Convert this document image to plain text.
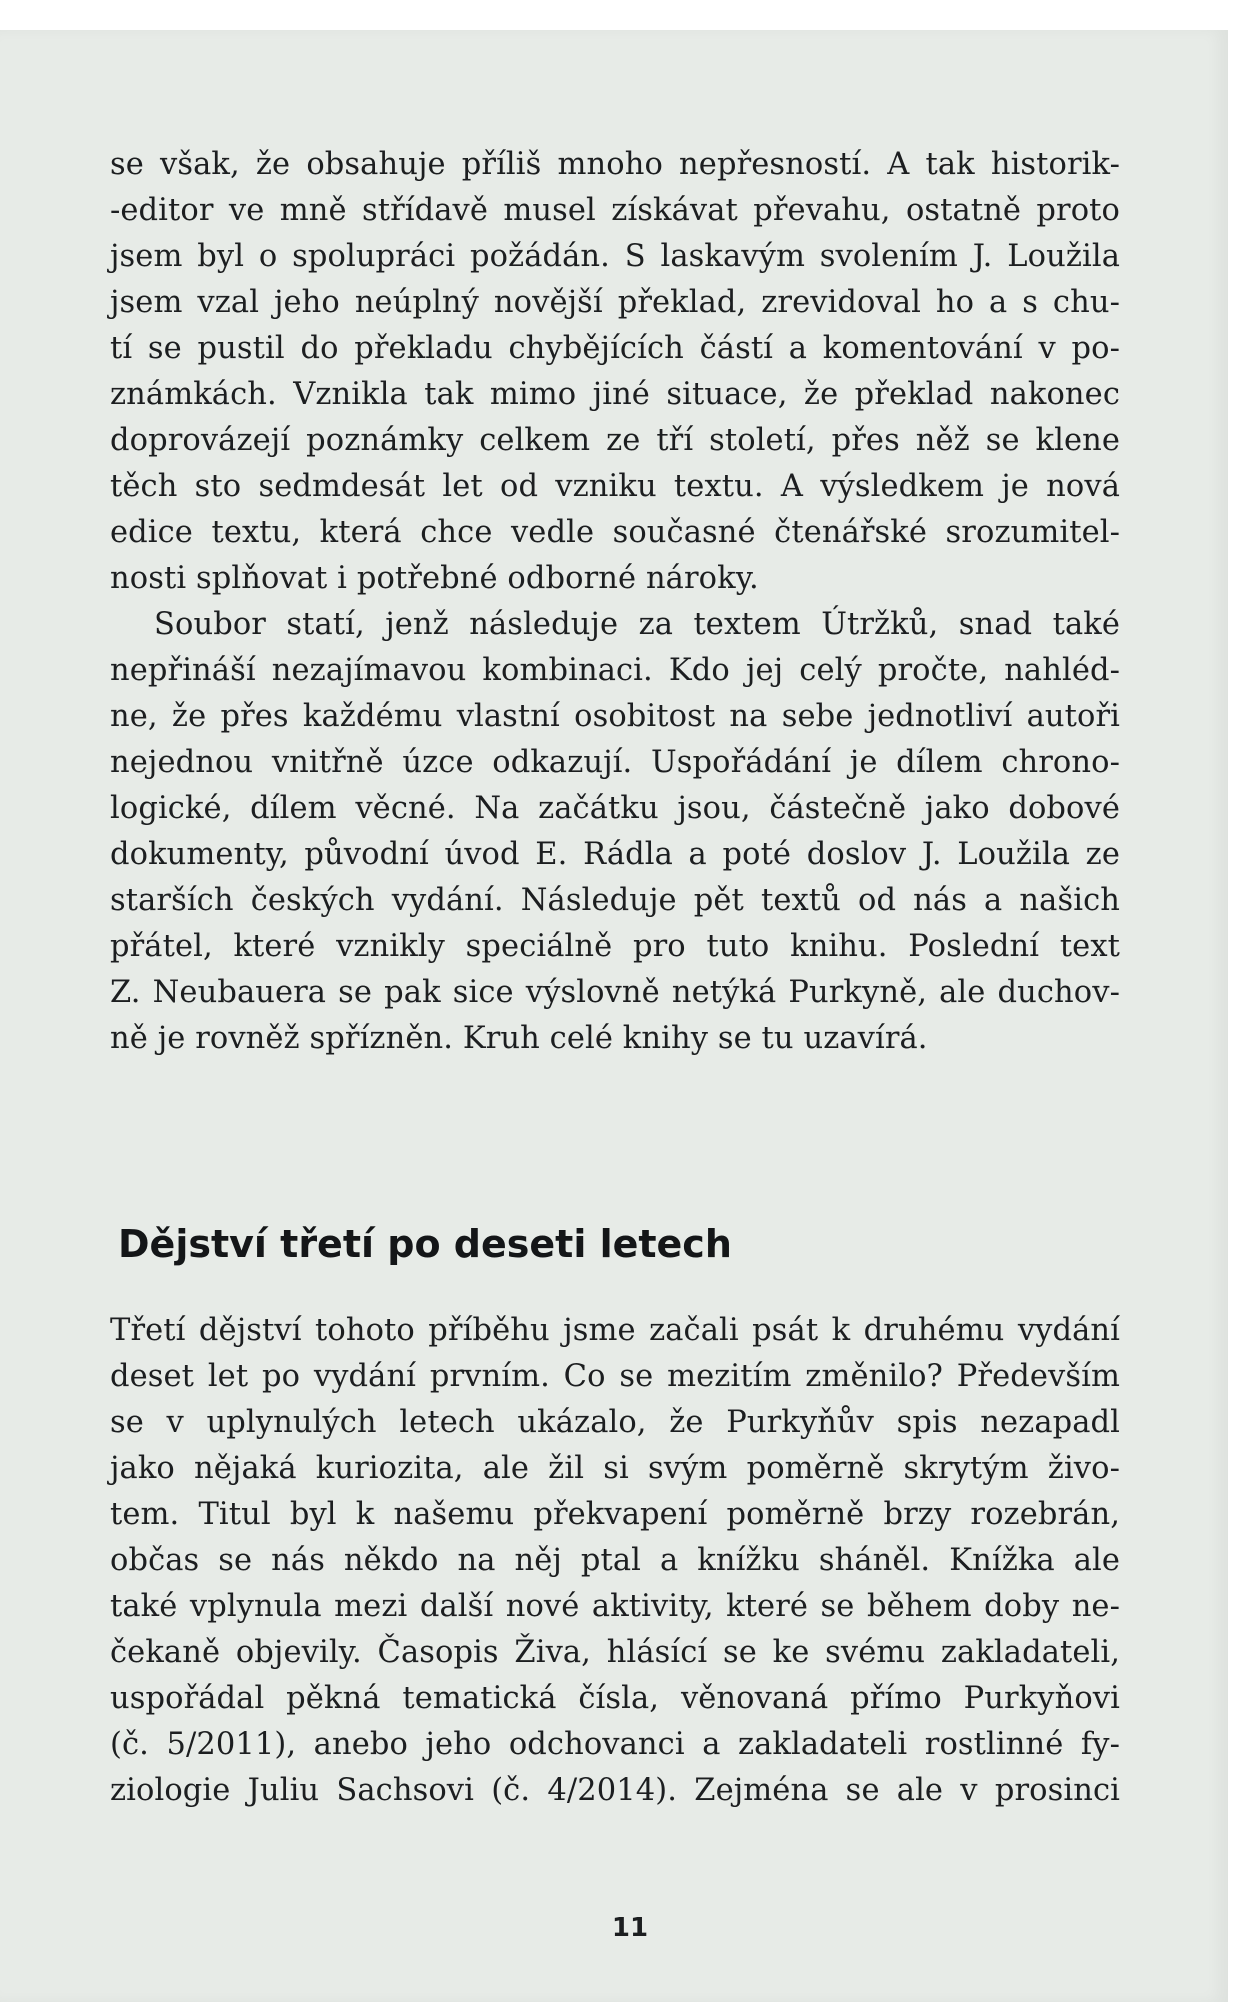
se však, že obsahuje příliš mnoho nepřesností. A tak historik-
-editor ve mně střídavě musel získávat převahu, ostatně proto
jsem byl o spolupráci požádán. S laskavým svolením J. Loužila
jsem vzal jeho neúplný novější překlad, zrevidoval ho a s chu-
tí se pustil do překladu chybějících částí a komentování v po-
známkách. Vznikla tak mimo jiné situace, že překlad nakonec
doprovázejí poznámky celkem ze tří století, přes něž se klene
těch sto sedmdesát let od vzniku textu. A výsledkem je nová
edice textu, která chce vedle současné čtenářské srozumitel-
nosti splňovat i potřebné odborné nároky.
Soubor statí, jenž následuje za textem Útržků, snad také
nepřináší nezajímavou kombinaci. Kdo jej celý pročte, nahléd-
ne, že přes každému vlastní osobitost na sebe jednotliví autoři
nejednou vnitřně úzce odkazují. Uspořádání je dílem chrono-
logické, dílem věcné. Na začátku jsou, částečně jako dobové
dokumenty, původní úvod E. Rádla a poté doslov J. Loužila ze
starších českých vydání. Následuje pět textů od nás a našich
přátel, které vznikly speciálně pro tuto knihu. Poslední text
Z. Neubauera se pak sice výslovně netýká Purkyně, ale duchov-
ně je rovněž spřízněn. Kruh celé knihy se tu uzavírá.
Dějství třetí po deseti letech
Třetí dějství tohoto příběhu jsme začali psát k druhému vydání
deset let po vydání prvním. Co se mezitím změnilo? Především
se v uplynulých letech ukázalo, že Purkyňův spis nezapadl
jako nějaká kuriozita, ale žil si svým poměrně skrytým živo-
tem. Titul byl k našemu překvapení poměrně brzy rozebrán,
občas se nás někdo na něj ptal a knížku sháněl. Knížka ale
také vplynula mezi další nové aktivity, které se během doby ne-
čekaně objevily. Časopis Živa, hlásící se ke svému zakladateli,
uspořádal pěkná tematická čísla, věnovaná přímo Purkyňovi
(č. 5/2011), anebo jeho odchovanci a zakladateli rostlinné fy-
ziologie Juliu Sachsovi (č. 4/2014). Zejména se ale v prosinci
11
